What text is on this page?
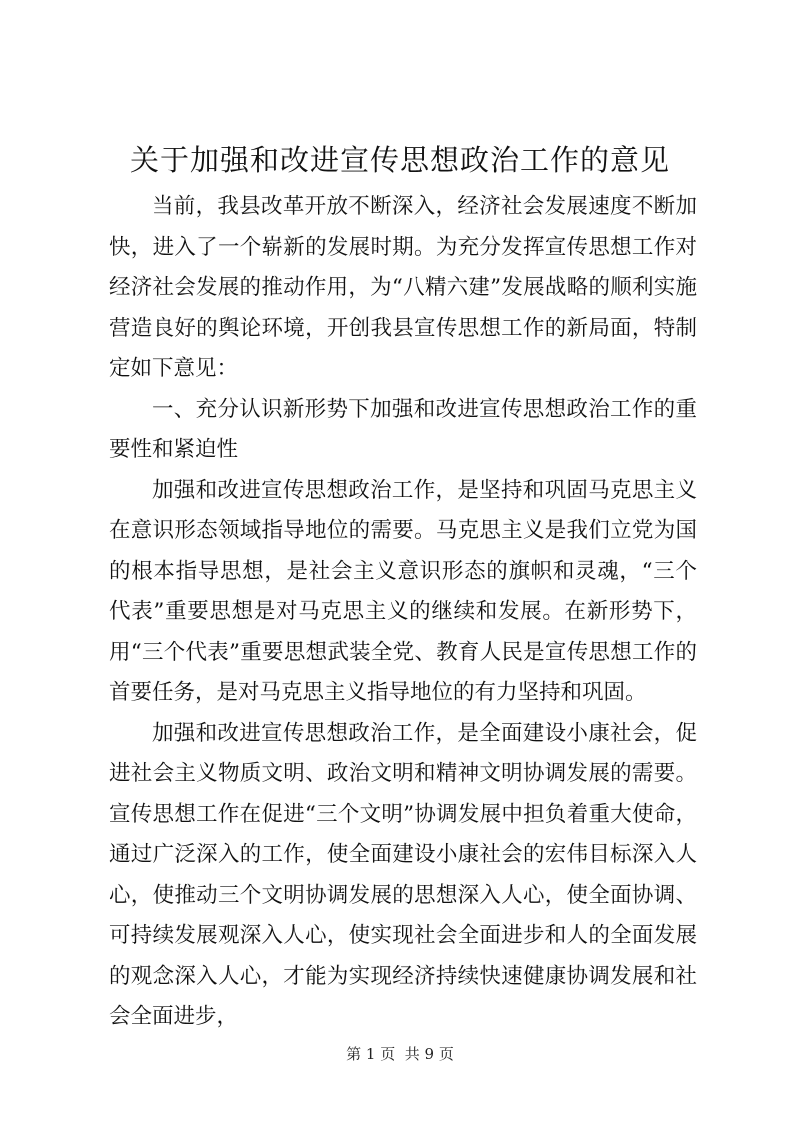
关于加强和改进宣传思想政治工作的意见

当前，我县改革开放不断深入，经济社会发展速度不断加快，进入了一个崭新的发展时期。为充分发挥宣传思想工作对经济社会发展的推动作用，为“八精六建”发展战略的顺利实施营造良好的舆论环境，开创我县宣传思想工作的新局面，特制定如下意见：

一、充分认识新形势下加强和改进宣传思想政治工作的重要性和紧迫性

加强和改进宣传思想政治工作，是坚持和巩固马克思主义在意识形态领域指导地位的需要。马克思主义是我们立党为国的根本指导思想，是社会主义意识形态的旗帜和灵魂，“三个代表”重要思想是对马克思主义的继续和发展。在新形势下，用“三个代表”重要思想武装全党、教育人民是宣传思想工作的首要任务，是对马克思主义指导地位的有力坚持和巩固。

加强和改进宣传思想政治工作，是全面建设小康社会，促进社会主义物质文明、政治文明和精神文明协调发展的需要。宣传思想工作在促进“三个文明”协调发展中担负着重大使命，通过广泛深入的工作，使全面建设小康社会的宏伟目标深入人心，使推动三个文明协调发展的思想深入人心，使全面协调、可持续发展观深入人心，使实现社会全面进步和人的全面发展的观念深入人心，才能为实现经济持续快速健康协调发展和社会全面进步，

第 1 页 共 9 页
